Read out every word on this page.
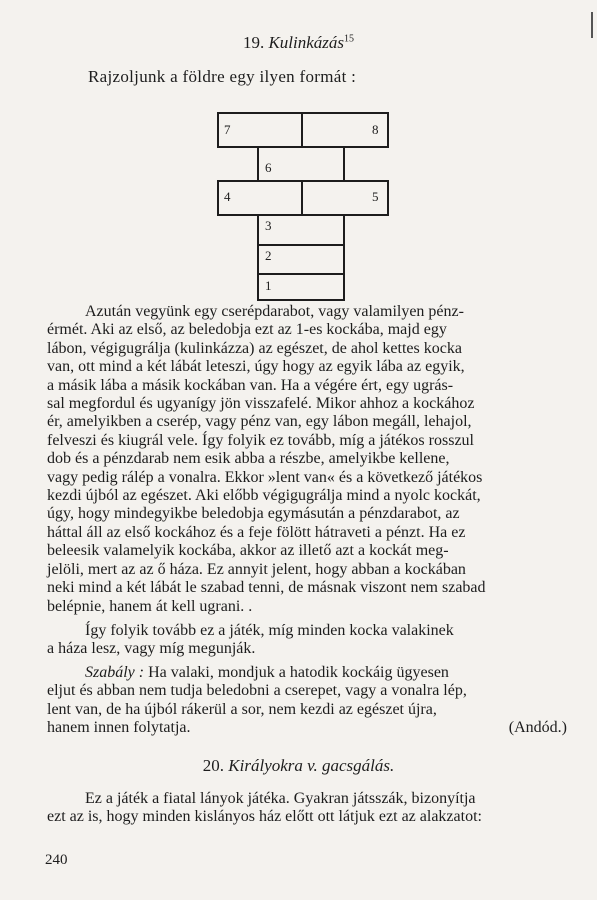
19. Kulinkázás$^{15}$
Rajzoljunk a földre egy ilyen formát :
7	8
6
4	5
3
2
1
Azután vegyünk egy cserépdarabot, vagy valamilyen pénz-
érmét. Aki az első, az beledobja ezt az 1-es kockába, majd egy
lábon, végigugrálja (kulinkázza) az egészet, de ahol kettes kocka
van, ott mind a két lábát leteszi, úgy hogy az egyik lába az egyik,
a másik lába a másik kockában van. Ha a végére ért, egy ugrás-
sal megfordul és ugyanígy jön visszafelé. Mikor ahhoz a kockához
ér, amelyikben a cserép, vagy pénz van, egy lábon megáll, lehajol,
felveszi és kiugrál vele. Így folyik ez tovább, míg a játékos rosszul
dob és a pénzdarab nem esik abba a részbe, amelyikbe kellene,
vagy pedig rálép a vonalra. Ekkor »lent van« és a következő játékos
kezdi újból az egészet. Aki előbb végigugrálja mind a nyolc kockát,
úgy, hogy mindegyikbe beledobja egymásután a pénzdarabot, az
háttal áll az első kockához és a feje fölött hátraveti a pénzt. Ha ez
beleesik valamelyik kockába, akkor az illető azt a kockát meg-
jelöli, mert az az ő háza. Ez annyit jelent, hogy abban a kockában
neki mind a két lábát le szabad tenni, de másnak viszont nem szabad
belépnie, hanem át kell ugrani. .
Így folyik tovább ez a játék, míg minden kocka valakinek
a háza lesz, vagy míg megunják.
Szabály : Ha valaki, mondjuk a hatodik kockáig ügyesen
eljut és abban nem tudja beledobni a cserepet, vagy a vonalra lép,
lent van, de ha újból rákerül a sor, nem kezdi az egészet újra,
hanem innen folytatja.	(Andód.)
20. Királyokra v. gacsgálás.
Ez a játék a fiatal lányok játéka. Gyakran játsszák, bizonyítja
ezt az is, hogy minden kislányos ház előtt ott látjuk ezt az alakzatot:
240
